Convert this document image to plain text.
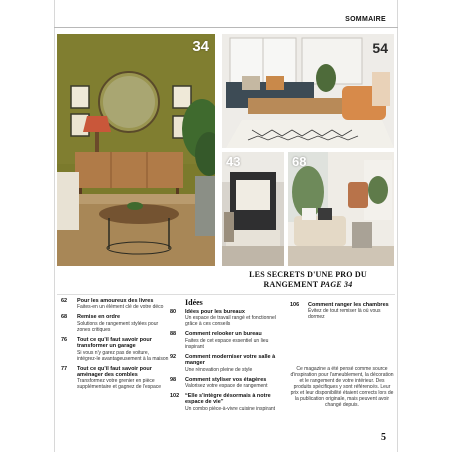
SOMMAIRE
34	54
43	68
LES SECRETS D'UNE PRO DU
RANGEMENT PAGE 34
62	Pour les amoureux des livres
Faites-en un élément clé de votre déco
68	Remise en ordre
Solutions de rangement stylées pour zones critiques
76	Tout ce qu'il faut savoir pour transformer un garage
Si vous n'y garez pas de voiture, intégrez-le avantageusement à la maison
77	Tout ce qu'il faut savoir pour aménager des combles
Transformez votre grenier en pièce supplémentaire et gagnez de l'espace
Idées
80	Idées pour les bureaux
Un espace de travail rangé et fonctionnel grâce à ces conseils
88	Comment relooker un bureau
Faites de cet espace essentiel un lieu inspirant
92	Comment moderniser votre salle à manger
Une rénovation pleine de style
98	Comment styliser vos étagères
Valorisez votre espace de rangement
102	“Elle s'intègre désormais à notre espace de vie”
Un combo pièce-à-vivre cuisine inspirant
106	Comment ranger les chambres
Évitez de tout remiser là où vous dormez
Ce magazine a été pensé comme source d'inspiration pour l'ameublement, la décoration et le rangement de votre intérieur. Des produits spécifiques y sont référencés. Leur prix et leur disponibilité étaient corrects lors de la publication originale, mais peuvent avoir changé depuis.
5
